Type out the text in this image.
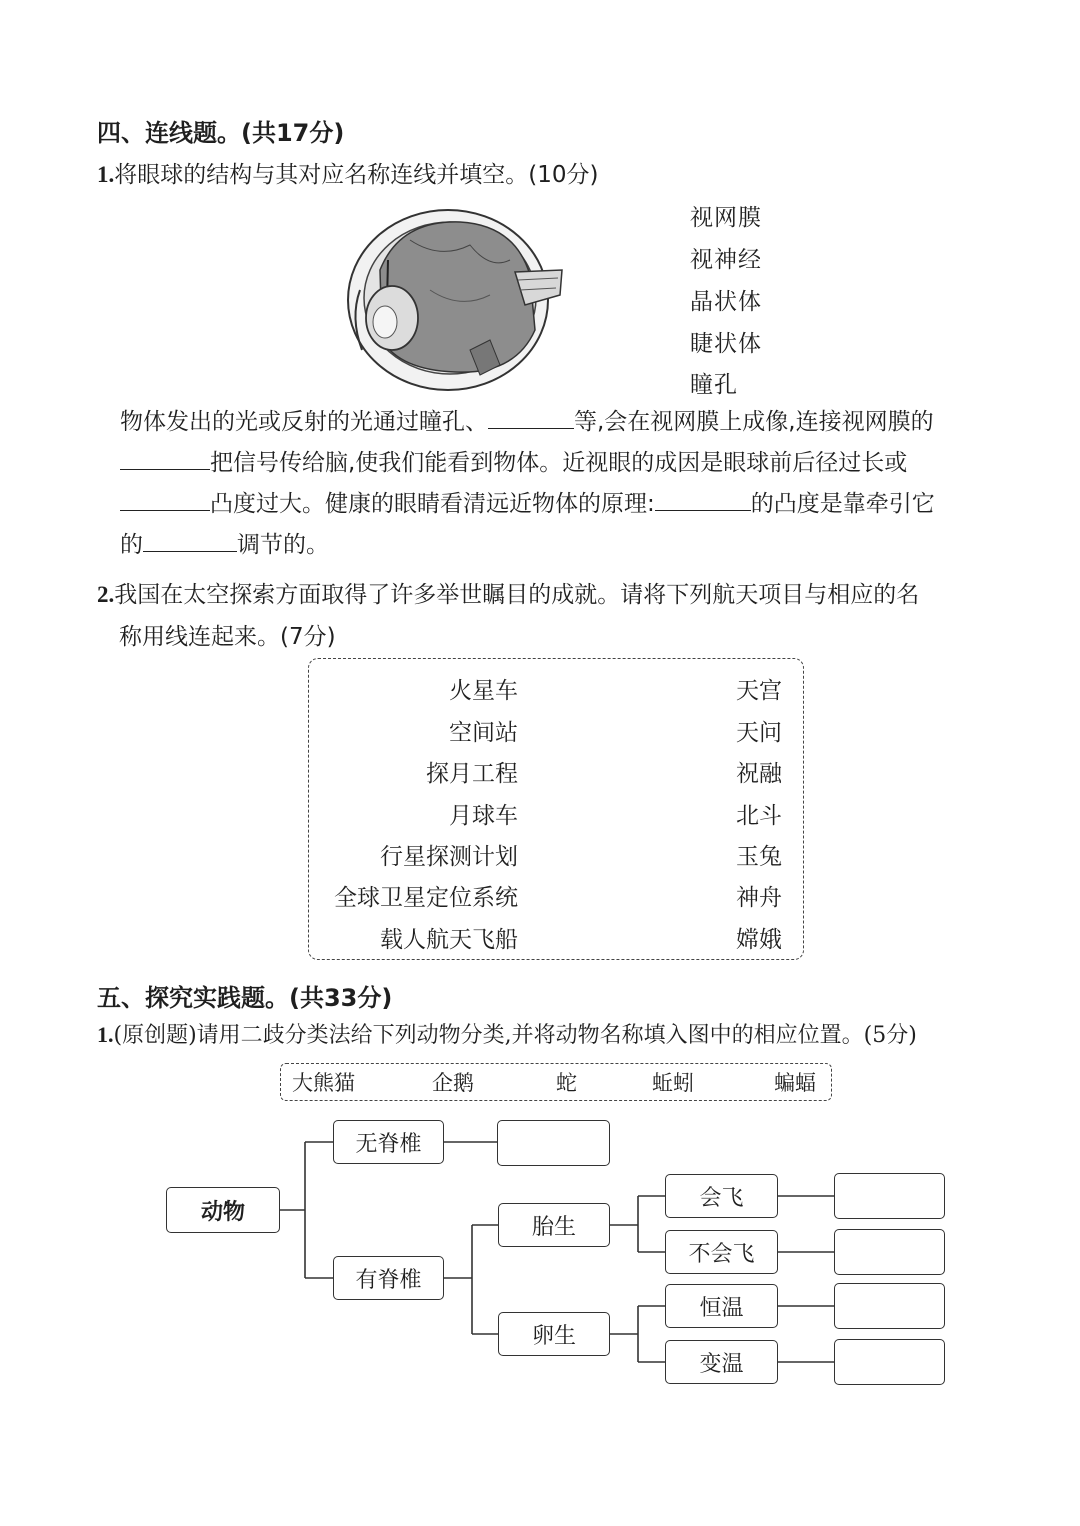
四、连线题。(共17分)
1.将眼球的结构与其对应名称连线并填空。(10分)
视网膜
视神经
晶状体
睫状体
瞳孔
物体发出的光或反射的光通过瞳孔、	等,会在视网膜上成像,连接视网膜的
把信号传给脑,使我们能看到物体。近视眼的成因是眼球前后径过长或
凸度过大。健康的眼睛看清远近物体的原理:	的凸度是靠牵引它
的	调节的。
2.我国在太空探索方面取得了许多举世瞩目的成就。请将下列航天项目与相应的名
称用线连起来。(7分)
火星车
空间站
探月工程
月球车
行星探测计划
全球卫星定位系统
载人航天飞船
天宫
天问
祝融
北斗
玉兔
神舟
嫦娥
五、探究实践题。(共33分)
1.(原创题)请用二歧分类法给下列动物分类,并将动物名称填入图中的相应位置。(5分)
大熊猫	企鹅	蛇	蚯蚓	蝙蝠
动物
无脊椎
有脊椎
胎生
卵生
会飞
不会飞
恒温
变温
